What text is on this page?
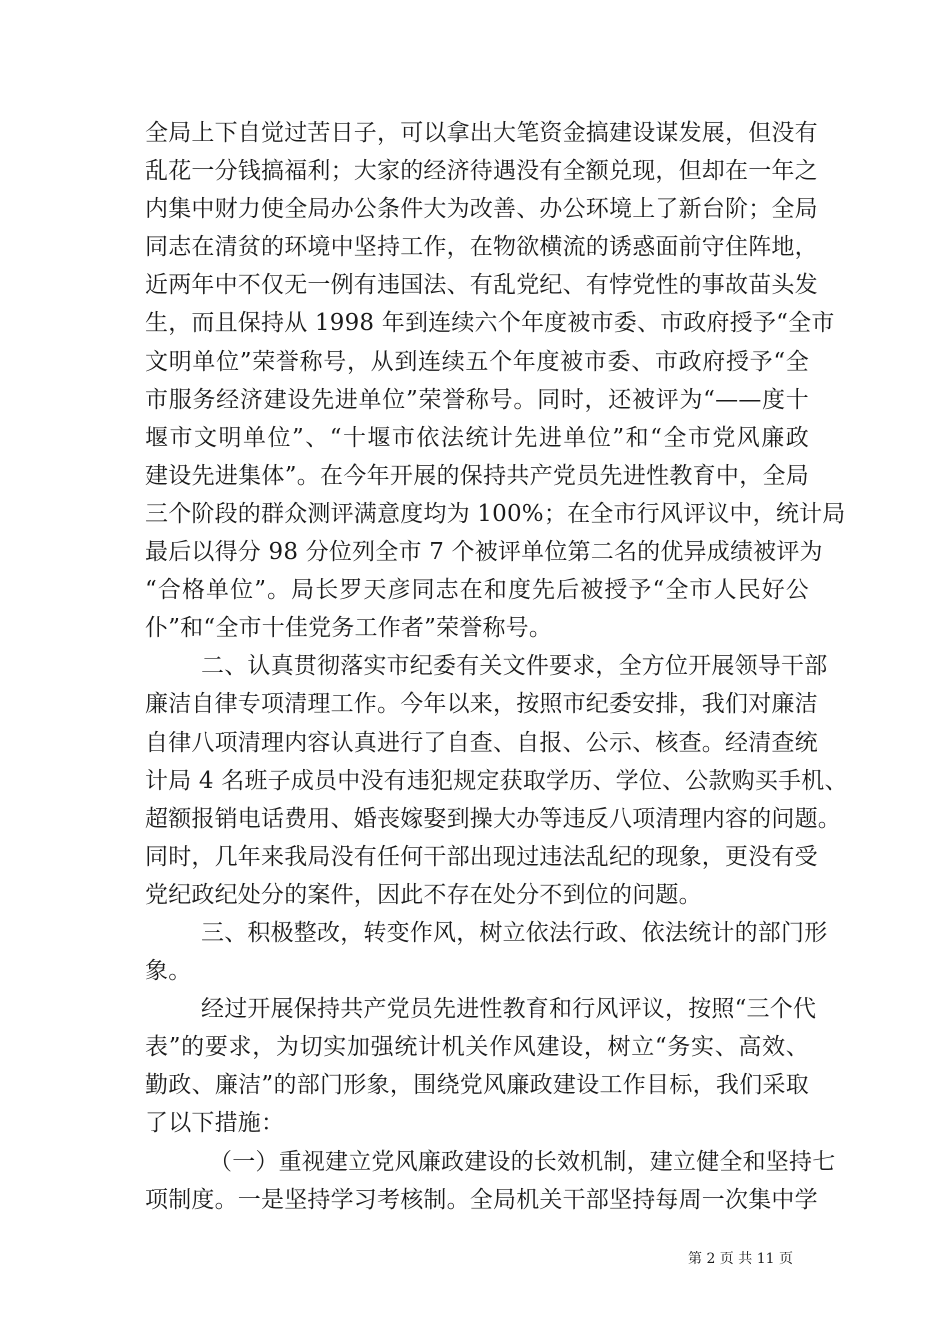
全局上下自觉过苦日子，可以拿出大笔资金搞建设谋发展，但没有
乱花一分钱搞福利；大家的经济待遇没有全额兑现，但却在一年之
内集中财力使全局办公条件大为改善、办公环境上了新台阶；全局
同志在清贫的环境中坚持工作，在物欲横流的诱惑面前守住阵地，
近两年中不仅无一例有违国法、有乱党纪、有悖党性的事故苗头发
生，而且保持从 1998 年到连续六个年度被市委、市政府授予“全市
文明单位”荣誉称号，从到连续五个年度被市委、市政府授予“全
市服务经济建设先进单位”荣誉称号。同时，还被评为“——度十
堰市文明单位”、“十堰市依法统计先进单位”和“全市党风廉政
建设先进集体”。在今年开展的保持共产党员先进性教育中，全局
三个阶段的群众测评满意度均为 100%；在全市行风评议中，统计局
最后以得分 98 分位列全市 7 个被评单位第二名的优异成绩被评为
“合格单位”。局长罗天彦同志在和度先后被授予“全市人民好公
仆”和“全市十佳党务工作者”荣誉称号。
二、认真贯彻落实市纪委有关文件要求，全方位开展领导干部
廉洁自律专项清理工作。今年以来，按照市纪委安排，我们对廉洁
自律八项清理内容认真进行了自查、自报、公示、核查。经清查统
计局 4 名班子成员中没有违犯规定获取学历、学位、公款购买手机、
超额报销电话费用、婚丧嫁娶到操大办等违反八项清理内容的问题。
同时，几年来我局没有任何干部出现过违法乱纪的现象，更没有受
党纪政纪处分的案件，因此不存在处分不到位的问题。
三、积极整改，转变作风，树立依法行政、依法统计的部门形
象。
经过开展保持共产党员先进性教育和行风评议，按照“三个代
表”的要求，为切实加强统计机关作风建设，树立“务实、高效、
勤政、廉洁”的部门形象，围绕党风廉政建设工作目标，我们采取
了以下措施：
（一）重视建立党风廉政建设的长效机制，建立健全和坚持七
项制度。一是坚持学习考核制。全局机关干部坚持每周一次集中学
第 2 页 共 11 页
